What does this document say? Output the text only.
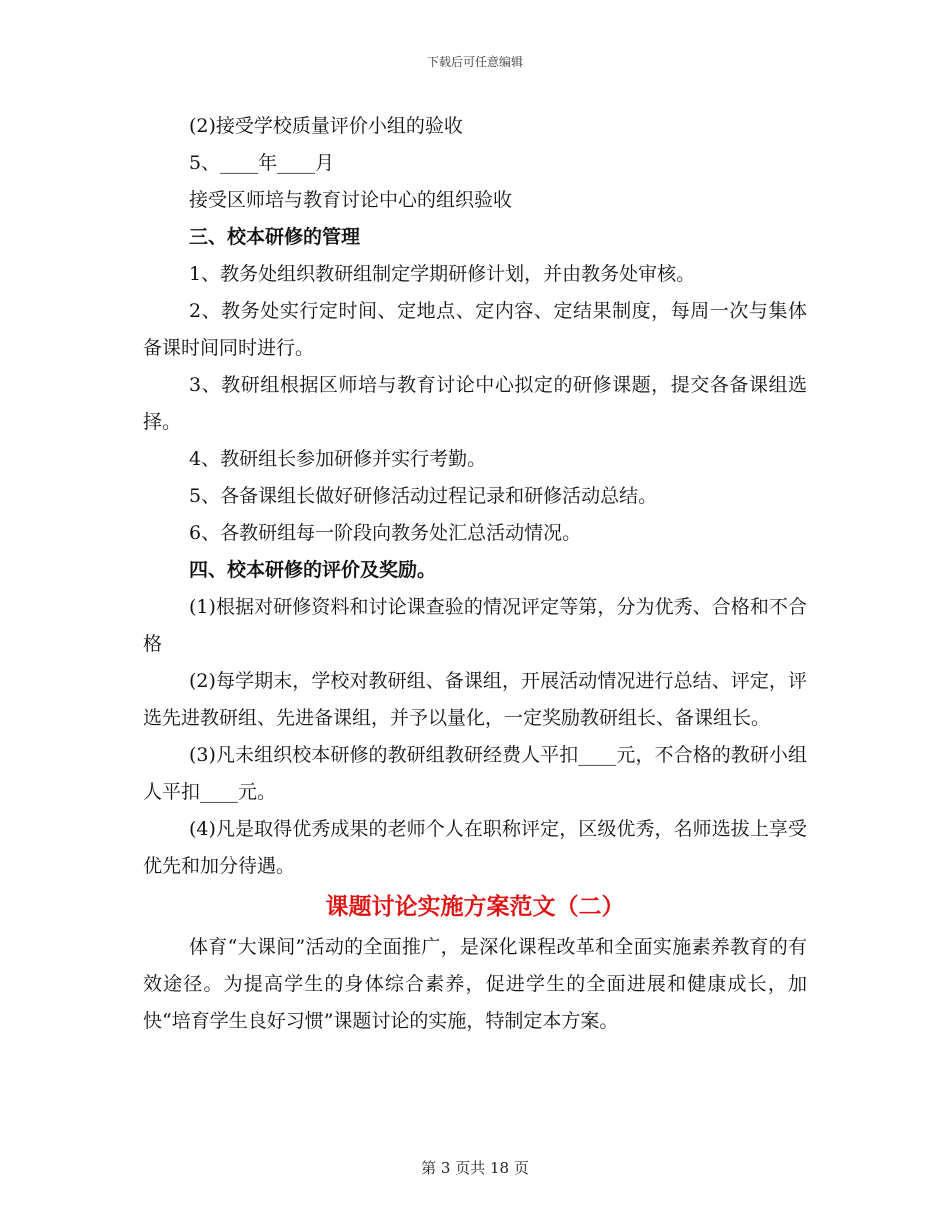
下载后可任意编辑

(2)接受学校质量评价小组的验收

5、____年____月

接受区师培与教育讨论中心的组织验收

三、校本研修的管理

1、教务处组织教研组制定学期研修计划，并由教务处审核。

2、教务处实行定时间、定地点、定内容、定结果制度，每周一次与集体备课时间同时进行。

3、教研组根据区师培与教育讨论中心拟定的研修课题，提交各备课组选择。

4、教研组长参加研修并实行考勤。

5、各备课组长做好研修活动过程记录和研修活动总结。

6、各教研组每一阶段向教务处汇总活动情况。

四、校本研修的评价及奖励。

(1)根据对研修资料和讨论课查验的情况评定等第，分为优秀、合格和不合格

(2)每学期末，学校对教研组、备课组，开展活动情况进行总结、评定，评选先进教研组、先进备课组，并予以量化，一定奖励教研组长、备课组长。

(3)凡未组织校本研修的教研组教研经费人平扣____元，不合格的教研小组人平扣____元。

(4)凡是取得优秀成果的老师个人在职称评定，区级优秀，名师选拔上享受优先和加分待遇。

课题讨论实施方案范文（二）

体育“大课间”活动的全面推广，是深化课程改革和全面实施素养教育的有效途径。为提高学生的身体综合素养，促进学生的全面进展和健康成长，加快“培育学生良好习惯”课题讨论的实施，特制定本方案。

第 3 页共 18 页
